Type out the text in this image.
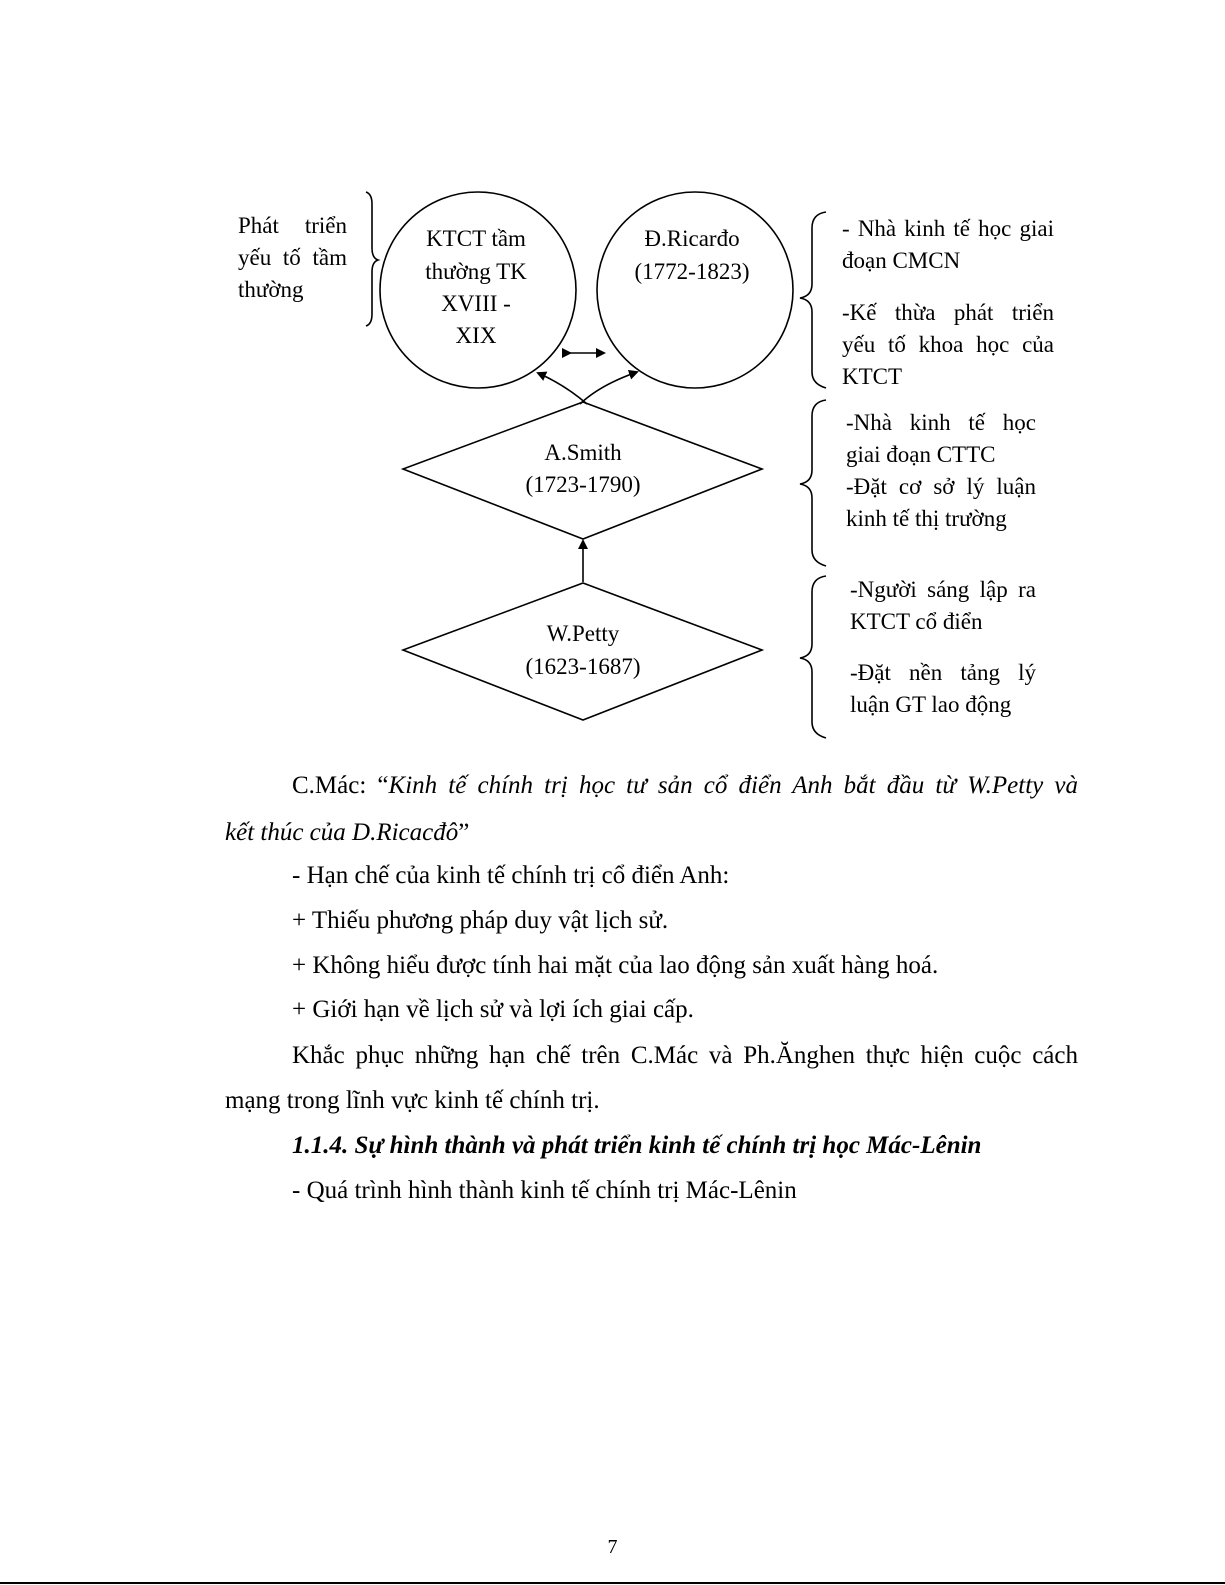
KTCT tầm
thường TK
XVIII -
XIX
Đ.Ricarđo
(1772-1823)
A.Smith
(1723-1790)
W.Petty
(1623-1687)
Phát triển
yếu tố tầm
thường
- Nhà kinh tế học giai
đoạn CMCN
-Kế thừa phát triển
yếu tố khoa học của
KTCT
-Nhà kinh tế học
giai đoạn CTTC
-Đặt cơ sở lý luận
kinh tế thị trường
-Người sáng lập ra
KTCT cổ điển
-Đặt nền tảng lý
luận GT lao động
C.Mác: “Kinh tế chính trị học tư sản cổ điển Anh bắt đầu từ W.Petty và
kết thúc của D.Ricacđô”
- Hạn chế của kinh tế chính trị cổ điển Anh:
+ Thiếu phương pháp duy vật lịch sử.
+ Không hiểu được tính hai mặt của lao động sản xuất hàng hoá.
+ Giới hạn về lịch sử và lợi ích giai cấp.
Khắc phục những hạn chế trên C.Mác và Ph.Ănghen thực hiện cuộc cách
mạng trong lĩnh vực kinh tế chính trị.
1.1.4. Sự hình thành và phát triển kinh tế chính trị học Mác-Lênin
- Quá trình hình thành kinh tế chính trị Mác-Lênin
7
